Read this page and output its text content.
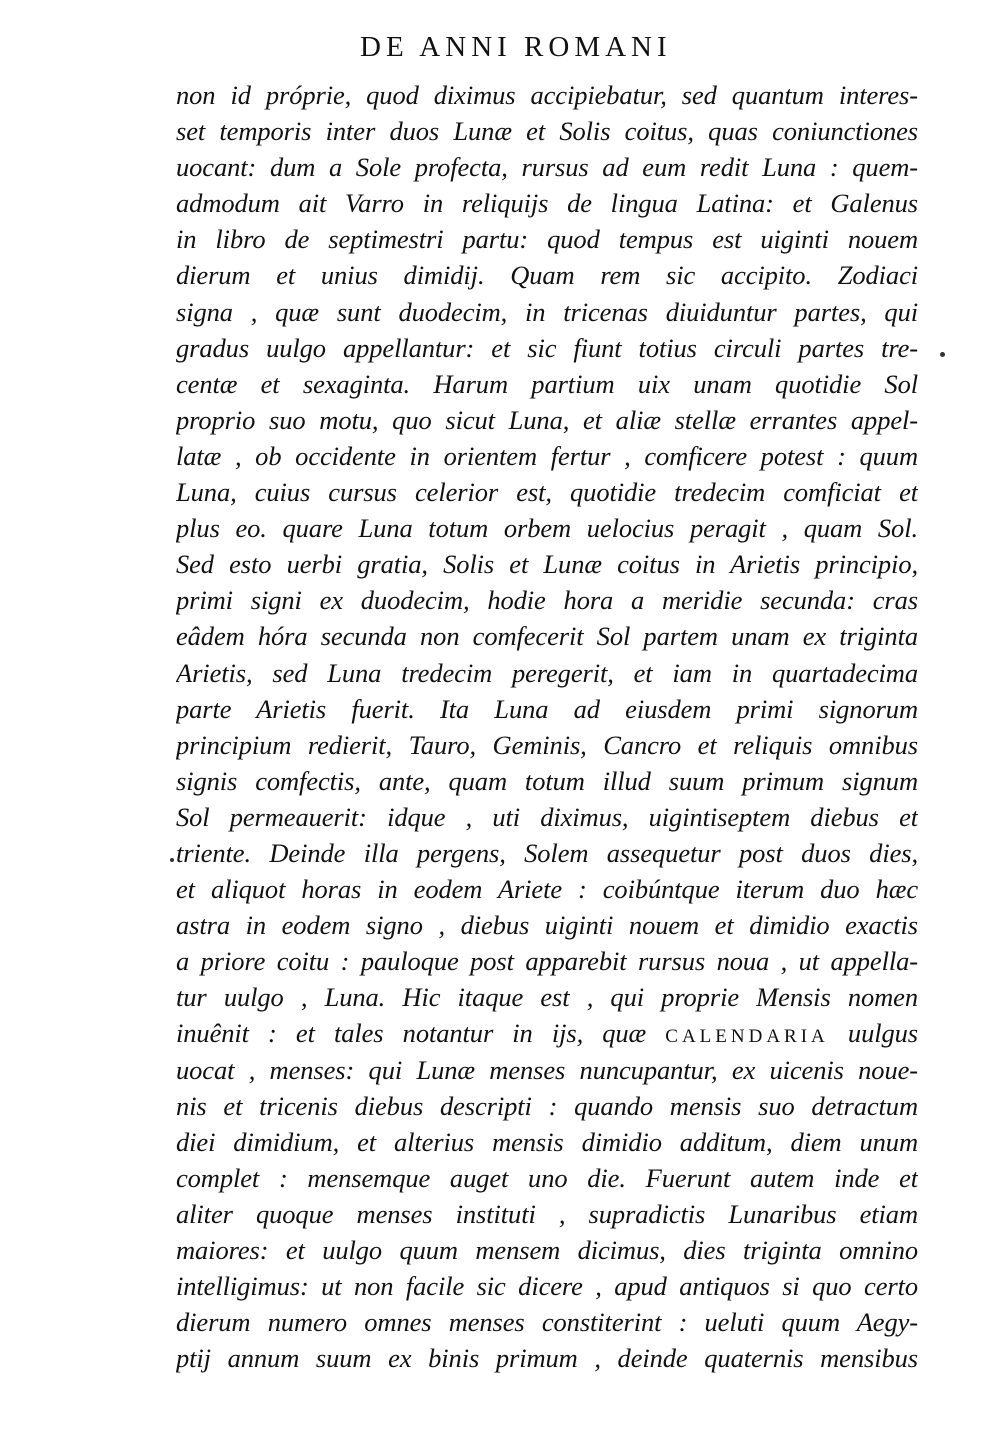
DE ANNI ROMANI
non id próprie, quod diximus accipiebatur, sed quantum interes-
set temporis inter duos Lunæ et Solis coitus, quas coniunctiones
uocant: dum a Sole profecta, rursus ad eum redit Luna : quem-
admodum ait Varro in reliquijs de lingua Latina: et Galenus
in libro de septimestri partu: quod tempus est uiginti nouem
dierum et unius dimidij. Quam rem sic accipito. Zodiaci
signa , quæ sunt duodecim, in tricenas diuiduntur partes, qui
gradus uulgo appellantur: et sic fiunt totius circuli partes tre-
centæ et sexaginta. Harum partium uix unam quotidie Sol
proprio suo motu, quo sicut Luna, et aliæ stellæ errantes appel-
latæ , ob occidente in orientem fertur , comficere potest : quum
Luna, cuius cursus celerior est, quotidie tredecim comficiat et
plus eo. quare Luna totum orbem uelocius peragit , quam Sol.
Sed esto uerbi gratia, Solis et Lunæ coitus in Arietis principio,
primi signi ex duodecim, hodie hora a meridie secunda: cras
eâdem hóra secunda non comfecerit Sol partem unam ex triginta
Arietis, sed Luna tredecim peregerit, et iam in quartadecima
parte Arietis fuerit. Ita Luna ad eiusdem primi signorum
principium redierit, Tauro, Geminis, Cancro et reliquis omnibus
signis comfectis, ante, quam totum illud suum primum signum
Sol permeauerit: idque , uti diximus, uigintiseptem diebus et
triente. Deinde illa pergens, Solem assequetur post duos dies,
et aliquot horas in eodem Ariete : coibúntque iterum duo hæc
astra in eodem signo , diebus uiginti nouem et dimidio exactis
a priore coitu : pauloque post apparebit rursus noua , ut appella-
tur uulgo , Luna. Hic itaque est , qui proprie Mensis nomen
inuênit : et tales notantur in ijs, quæ CALENDARIA uulgus
uocat , menses: qui Lunæ menses nuncupantur, ex uicenis noue-
nis et tricenis diebus descripti : quando mensis suo detractum
diei dimidium, et alterius mensis dimidio additum, diem unum
complet : mensemque auget uno die. Fuerunt autem inde et
aliter quoque menses instituti , supradictis Lunaribus etiam
maiores: et uulgo quum mensem dicimus, dies triginta omnino
intelligimus: ut non facile sic dicere , apud antiquos si quo certo
dierum numero omnes menses constiterint : ueluti quum Aegy-
ptij annum suum ex binis primum , deinde quaternis mensibus
